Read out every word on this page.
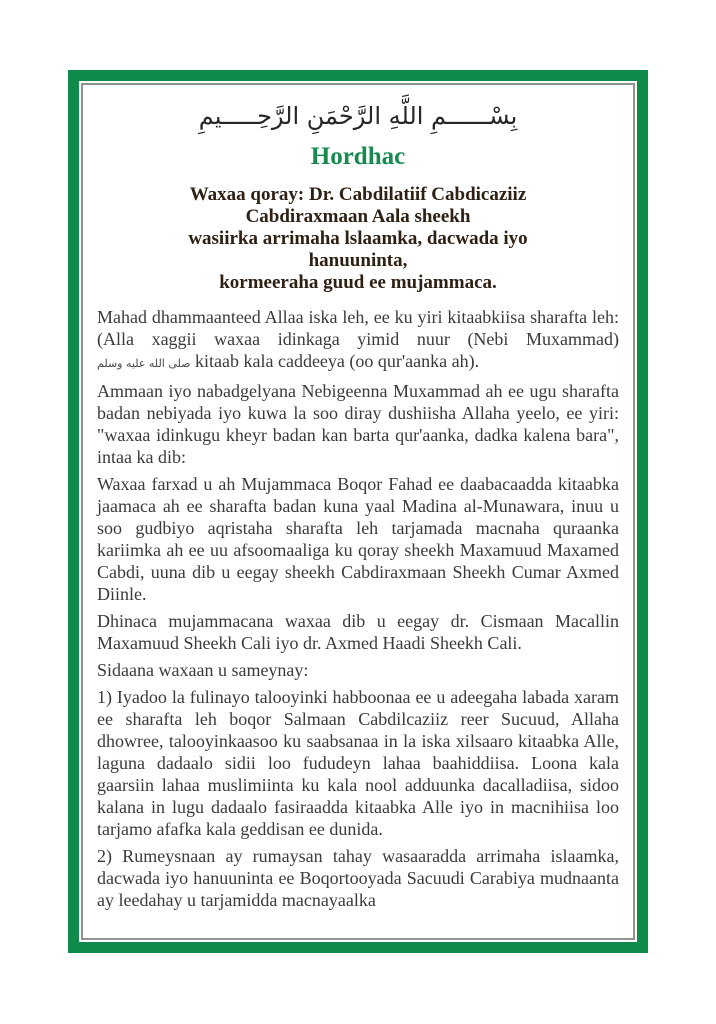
بِسْــــــمِ اللَّهِ الرَّحْمَنِ الرَّحِـــــيمِ
Hordhac
Waxaa qoray: Dr. Cabdilatiif Cabdicaziiz
Cabdiraxmaan Aala sheekh
wasiirka arrimaha lslaamka, dacwada iyo
hanuuninta,
kormeeraha guud ee mujammaca.

Mahad dhammaanteed Allaa iska leh, ee ku yiri kitaabkiisa sharafta leh: (Alla xaggii waxaa idinkaga yimid nuur (Nebi Muxammad) صلى الله عليه وسلم kitaab kala caddeeya (oo qur'aanka ah).

Ammaan iyo nabadgelyana Nebigeenna Muxammad ah ee ugu sharafta badan nebiyada iyo kuwa la soo diray dushiisha Allaha yeelo, ee yiri: "waxaa idinkugu kheyr badan kan barta qur'aanka, dadka kalena bara", intaa ka dib:

Waxaa farxad u ah Mujammaca Boqor Fahad ee daabacaadda kitaabka jaamaca ah ee sharafta badan kuna yaal Madina al-Munawara, inuu u soo gudbiyo aqristaha sharafta leh tarjamada macnaha quraanka kariimka ah ee uu afsoomaaliga ku qoray sheekh Maxamuud Maxamed Cabdi, uuna dib u eegay sheekh Cabdiraxmaan Sheekh Cumar Axmed Diinle.

Dhinaca mujammacana waxaa dib u eegay dr. Cismaan Macallin Maxamuud Sheekh Cali iyo dr. Axmed Haadi Sheekh Cali.

Sidaana waxaan u sameynay:

1) Iyadoo la fulinayo talooyinki habboonaa ee u adeegaha labada xaram ee sharafta leh boqor Salmaan Cabdilcaziiz reer Sucuud, Allaha dhowree, talooyinkaasoo ku saabsanaa in la iska xilsaaro kitaabka Alle, laguna dadaalo sidii loo fududeyn lahaa baahiddiisa. Loona kala gaarsiin lahaa muslimiinta ku kala nool adduunka dacalladiisa, sidoo kalana in lugu dadaalo fasiraadda kitaabka Alle iyo in macnihiisa loo tarjamo afafka kala geddisan ee dunida.

2) Rumeysnaan ay rumaysan tahay wasaaradda arrimaha islaamka, dacwada iyo hanuuninta ee Boqortooyada Sacuudi Carabiya mudnaanta ay leedahay u tarjamidda macnayaalka
